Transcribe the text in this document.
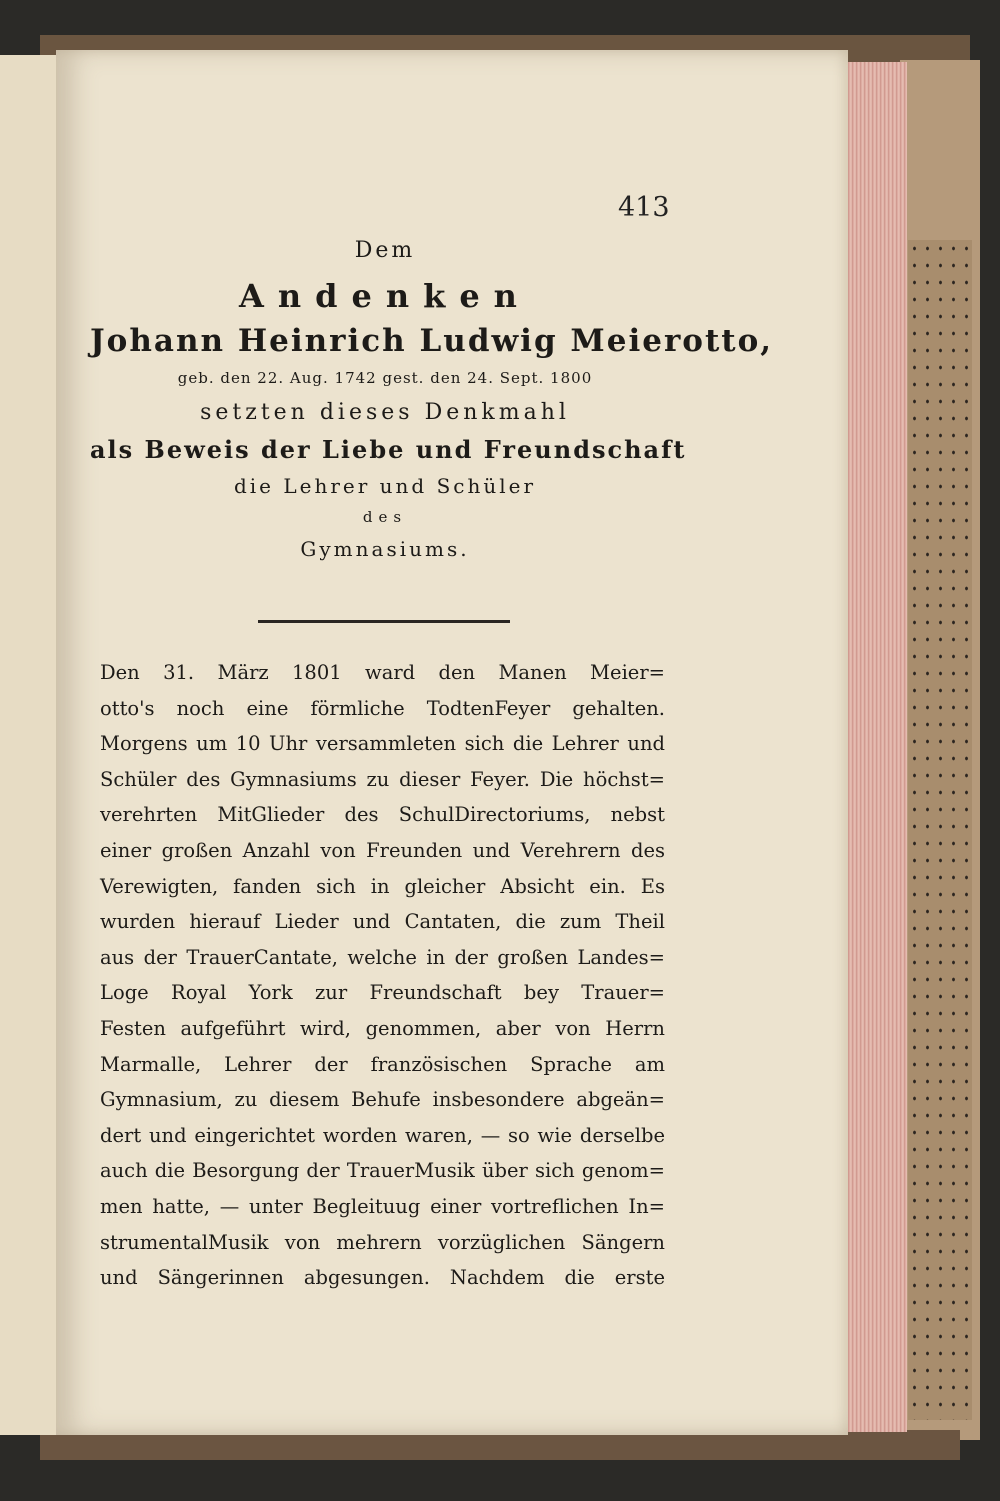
413
Dem
Andenken
Johann Heinrich Ludwig Meierotto,
geb. den 22. Aug. 1742 gest. den 24. Sept. 1800
setzten dieses Denkmahl
als Beweis der Liebe und Freundschaft
die Lehrer und Schüler
des
Gymnasiums.
Den 31. März 1801 ward den Manen Meier=
otto's noch eine förmliche TodtenFeyer gehalten.
Morgens um 10 Uhr versammleten sich die Lehrer und
Schüler des Gymnasiums zu dieser Feyer. Die höchst=
verehrten MitGlieder des SchulDirectoriums, nebst
einer großen Anzahl von Freunden und Verehrern des
Verewigten, fanden sich in gleicher Absicht ein. Es
wurden hierauf Lieder und Cantaten, die zum Theil
aus der TrauerCantate, welche in der großen Landes=
Loge Royal York zur Freundschaft bey Trauer=
Festen aufgeführt wird, genommen, aber von Herrn
Marmalle, Lehrer der französischen Sprache am
Gymnasium, zu diesem Behufe insbesondere abgeän=
dert und eingerichtet worden waren, — so wie derselbe
auch die Besorgung der TrauerMusik über sich genom=
men hatte, — unter Begleituug einer vortreflichen In=
strumentalMusik von mehrern vorzüglichen Sängern
und Sängerinnen abgesungen. Nachdem die erste
